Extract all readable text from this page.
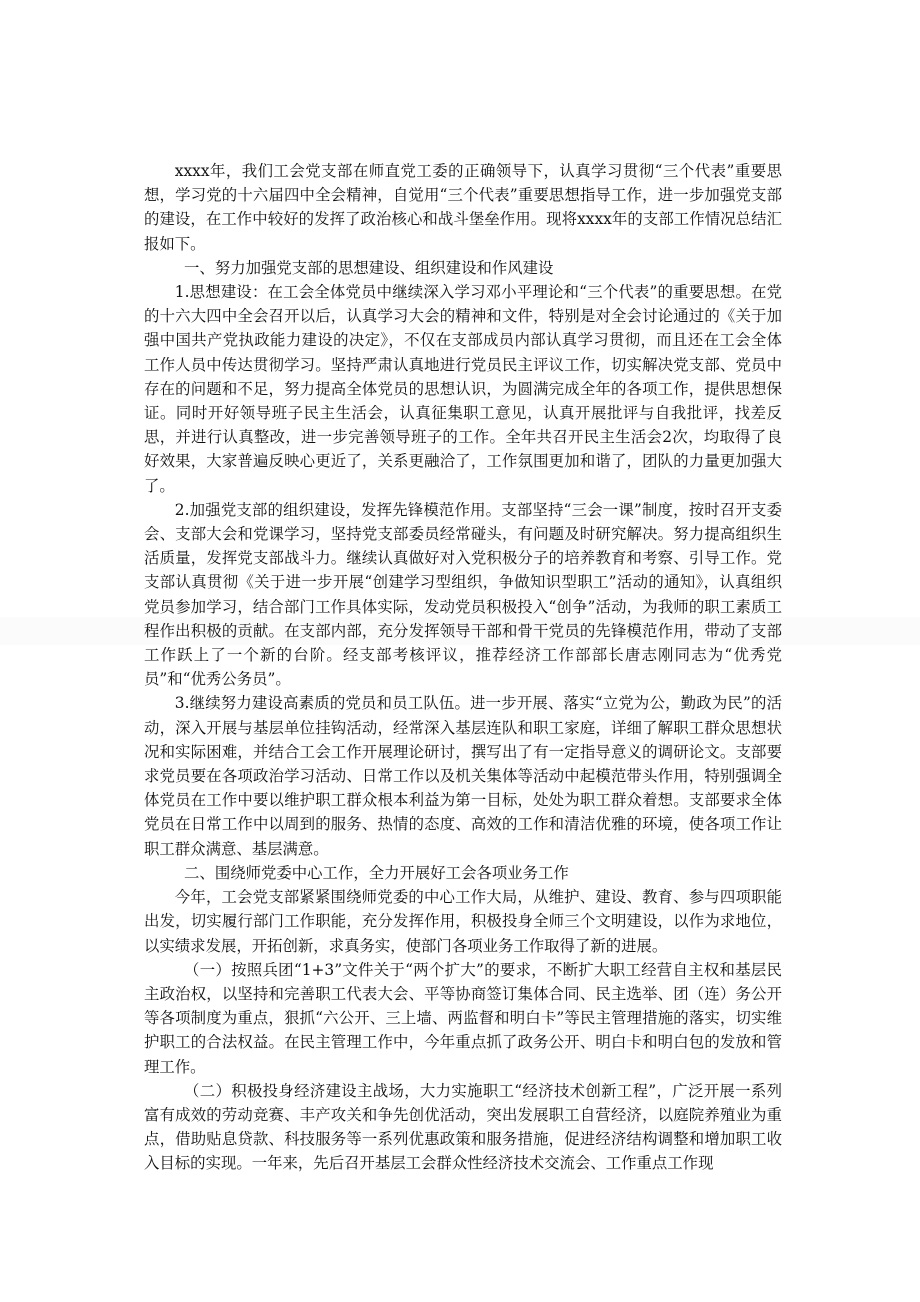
xxxx年，我们工会党支部在师直党工委的正确领导下，认真学习贯彻“三个代表”重要思想，学习党的十六届四中全会精神，自觉用“三个代表”重要思想指导工作，进一步加强党支部的建设，在工作中较好的发挥了政治核心和战斗堡垒作用。现将xxxx年的支部工作情况总结汇报如下。

一、努力加强党支部的思想建设、组织建设和作风建设

1.思想建设：在工会全体党员中继续深入学习邓小平理论和“三个代表”的重要思想。在党的十六大四中全会召开以后，认真学习大会的精神和文件，特别是对全会讨论通过的《关于加强中国共产党执政能力建设的决定》，不仅在支部成员内部认真学习贯彻，而且还在工会全体工作人员中传达贯彻学习。坚持严肃认真地进行党员民主评议工作，切实解决党支部、党员中存在的问题和不足，努力提高全体党员的思想认识，为圆满完成全年的各项工作，提供思想保证。同时开好领导班子民主生活会，认真征集职工意见，认真开展批评与自我批评，找差反思，并进行认真整改，进一步完善领导班子的工作。全年共召开民主生活会2次，均取得了良好效果，大家普遍反映心更近了，关系更融洽了，工作氛围更加和谐了，团队的力量更加强大了。

2.加强党支部的组织建设，发挥先锋模范作用。支部坚持“三会一课”制度，按时召开支委会、支部大会和党课学习，坚持党支部委员经常碰头，有问题及时研究解决。努力提高组织生活质量，发挥党支部战斗力。继续认真做好对入党积极分子的培养教育和考察、引导工作。党支部认真贯彻《关于进一步开展“创建学习型组织，争做知识型职工”活动的通知》，认真组织党员参加学习，结合部门工作具体实际，发动党员积极投入“创争”活动，为我师的职工素质工程作出积极的贡献。在支部内部，充分发挥领导干部和骨干党员的先锋模范作用，带动了支部工作跃上了一个新的台阶。经支部考核评议，推荐经济工作部部长唐志刚同志为“优秀党员”和“优秀公务员”。

3.继续努力建设高素质的党员和员工队伍。进一步开展、落实“立党为公，勤政为民”的活动，深入开展与基层单位挂钩活动，经常深入基层连队和职工家庭，详细了解职工群众思想状况和实际困难，并结合工会工作开展理论研讨，撰写出了有一定指导意义的调研论文。支部要求党员要在各项政治学习活动、日常工作以及机关集体等活动中起模范带头作用，特别强调全体党员在工作中要以维护职工群众根本利益为第一目标，处处为职工群众着想。支部要求全体党员在日常工作中以周到的服务、热情的态度、高效的工作和清洁优雅的环境，使各项工作让职工群众满意、基层满意。

二、围绕师党委中心工作，全力开展好工会各项业务工作

今年，工会党支部紧紧围绕师党委的中心工作大局，从维护、建设、教育、参与四项职能出发，切实履行部门工作职能，充分发挥作用，积极投身全师三个文明建设，以作为求地位，以实绩求发展，开拓创新，求真务实，使部门各项业务工作取得了新的进展。

（一）按照兵团“1+3”文件关于“两个扩大”的要求，不断扩大职工经营自主权和基层民主政治权，以坚持和完善职工代表大会、平等协商签订集体合同、民主选举、团（连）务公开等各项制度为重点，狠抓“六公开、三上墙、两监督和明白卡”等民主管理措施的落实，切实维护职工的合法权益。在民主管理工作中，今年重点抓了政务公开、明白卡和明白包的发放和管理工作。

（二）积极投身经济建设主战场，大力实施职工“经济技术创新工程”，广泛开展一系列富有成效的劳动竞赛、丰产攻关和争先创优活动，突出发展职工自营经济，以庭院养殖业为重点，借助贴息贷款、科技服务等一系列优惠政策和服务措施，促进经济结构调整和增加职工收入目标的实现。一年来，先后召开基层工会群众性经济技术交流会、工作重点工作现
